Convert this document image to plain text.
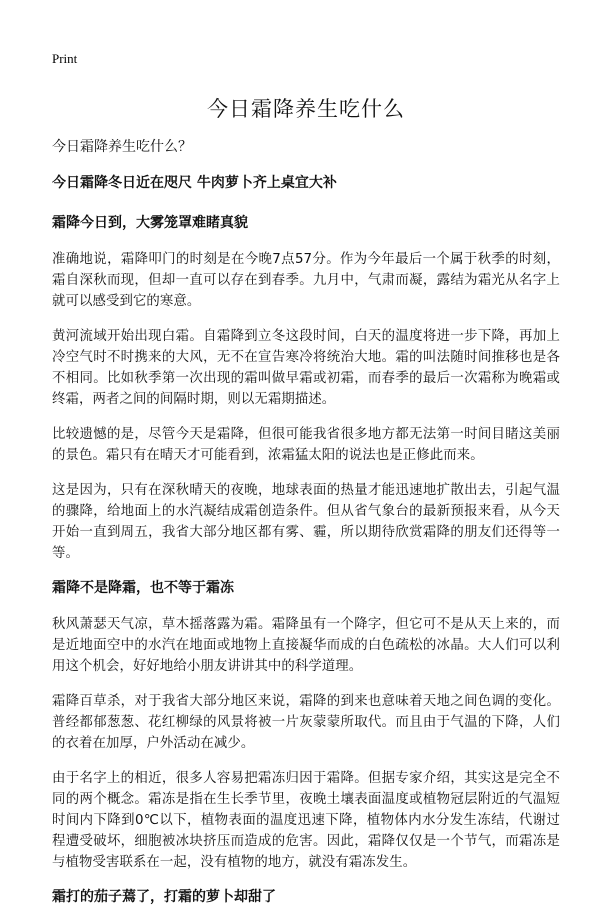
Print
今日霜降养生吃什么
今日霜降养生吃什么？
今日霜降冬日近在咫尺 牛肉萝卜齐上桌宜大补
霜降今日到，大雾笼罩难睹真貌

准确地说，霜降叩门的时刻是在今晚7点57分。作为今年最后一个属于秋季的时刻，霜自深秋而现，但却一直可以存在到春季。九月中，气肃而凝，露结为霜光从名字上就可以感受到它的寒意。

黄河流域开始出现白霜。自霜降到立冬这段时间，白天的温度将进一步下降，再加上冷空气时不时携来的大风，无不在宣告寒冷将统治大地。霜的叫法随时间推移也是各不相同。比如秋季第一次出现的霜叫做早霜或初霜，而春季的最后一次霜称为晚霜或终霜，两者之间的间隔时期，则以无霜期描述。

比较遗憾的是，尽管今天是霜降，但很可能我省很多地方都无法第一时间目睹这美丽的景色。霜只有在晴天才可能看到，浓霜猛太阳的说法也是正修此而来。

这是因为，只有在深秋晴天的夜晚，地球表面的热量才能迅速地扩散出去，引起气温的骤降，给地面上的水汽凝结成霜创造条件。但从省气象台的最新预报来看，从今天开始一直到周五，我省大部分地区都有雾、霾，所以期待欣赏霜降的朋友们还得等一等。

霜降不是降霜，也不等于霜冻

秋风萧瑟天气凉，草木摇落露为霜。霜降虽有一个降字，但它可不是从天上来的，而是近地面空中的水汽在地面或地物上直接凝华而成的白色疏松的冰晶。大人们可以利用这个机会，好好地给小朋友讲讲其中的科学道理。

霜降百草杀，对于我省大部分地区来说，霜降的到来也意味着天地之间色调的变化。普经都郁葱葱、花红柳绿的风景将被一片灰蒙蒙所取代。而且由于气温的下降，人们的衣着在加厚，户外活动在减少。

由于名字上的相近，很多人容易把霜冻归因于霜降。但据专家介绍，其实这是完全不同的两个概念。霜冻是指在生长季节里，夜晚土壤表面温度或植物冠层附近的气温短时间内下降到0℃以下，植物表面的温度迅速下降，植物体内水分发生冻结，代谢过程遭受破坏，细胞被冰块挤压而造成的危害。因此，霜降仅仅是一个节气，而霜冻是与植物受害联系在一起，没有植物的地方，就没有霜冻发生。

霜打的茄子蔫了，打霜的萝卜却甜了
